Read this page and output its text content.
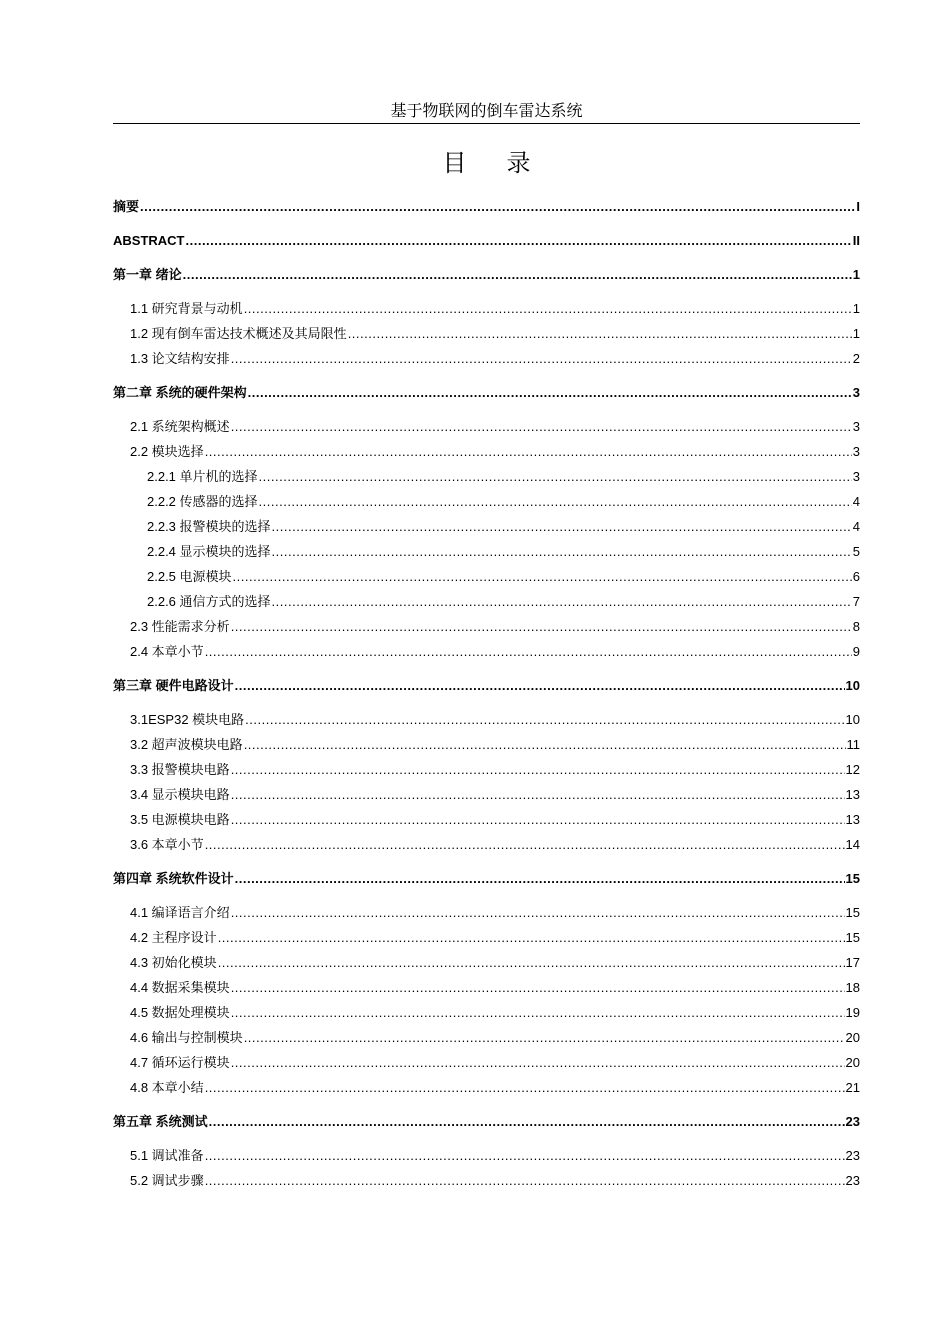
基于物联网的倒车雷达系统
目录
摘要 .....	I
ABSTRACT .....	II
第一章 绪论 .....	1
1.1 研究背景与动机 .....	1
1.2 现有倒车雷达技术概述及其局限性 .....	1
1.3 论文结构安排 .....	2
第二章 系统的硬件架构 .....	3
2.1 系统架构概述 .....	3
2.2 模块选择 .....	3
2.2.1 单片机的选择 .....	3
2.2.2 传感器的选择 .....	4
2.2.3 报警模块的选择 .....	4
2.2.4 显示模块的选择 .....	5
2.2.5 电源模块 .....	6
2.2.6 通信方式的选择 .....	7
2.3 性能需求分析 .....	8
2.4 本章小节 .....	9
第三章 硬件电路设计 .....	10
3.1ESP32 模块电路 .....	10
3.2 超声波模块电路 .....	11
3.3 报警模块电路 .....	12
3.4 显示模块电路 .....	13
3.5 电源模块电路 .....	13
3.6 本章小节 .....	14
第四章 系统软件设计 .....	15
4.1 编译语言介绍 .....	15
4.2 主程序设计 .....	15
4.3 初始化模块 .....	17
4.4 数据采集模块 .....	18
4.5 数据处理模块 .....	19
4.6 输出与控制模块 .....	20
4.7 循环运行模块 .....	20
4.8 本章小结 .....	21
第五章 系统测试 .....	23
5.1 调试准备 .....	23
5.2 调试步骤 .....	23
